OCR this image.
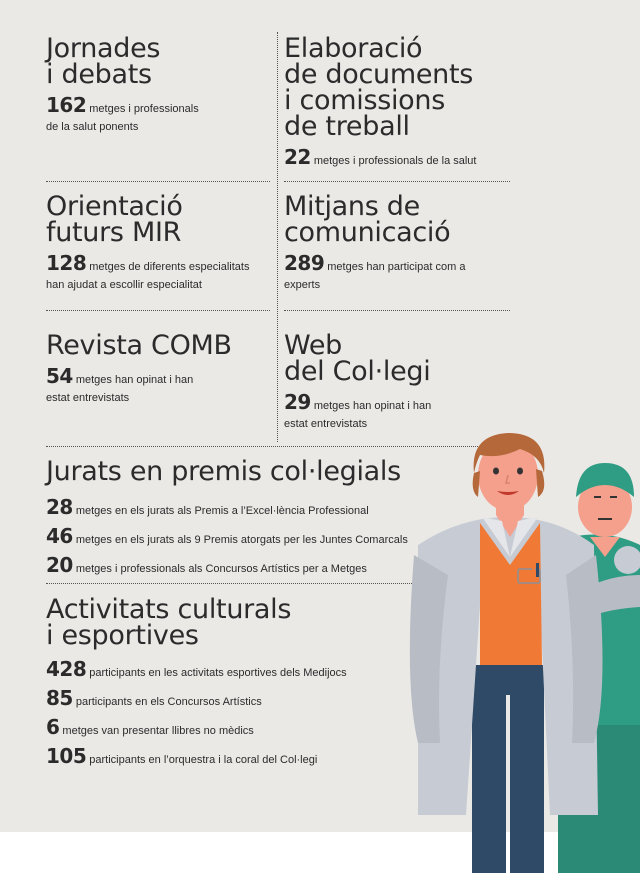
Jornades
i debats
162 metges i professionals
de la salut ponents
Elaboració
de documents
i comissions
de treball
22 metges i professionals de la salut
Orientació
futurs MIR
128 metges de diferents especialitats
han ajudat a escollir especialitat
Mitjans de
comunicació
289 metges han participat com a
experts
Revista COMB
54 metges han opinat i han
estat entrevistats
Web
del Col·legi
29 metges han opinat i han
estat entrevistats
Jurats en premis col·legials
28 metges en els jurats als Premis a l’Excel·lència Professional
46 metges en els jurats als 9 Premis atorgats per les Juntes Comarcals
20 metges i professionals als Concursos Artístics per a Metges
Activitats culturals
i esportives
428 participants en les activitats esportives dels Medijocs
85 participants en els Concursos Artístics
6 metges van presentar llibres no mèdics
105 participants en l’orquestra i la coral del Col·legi
